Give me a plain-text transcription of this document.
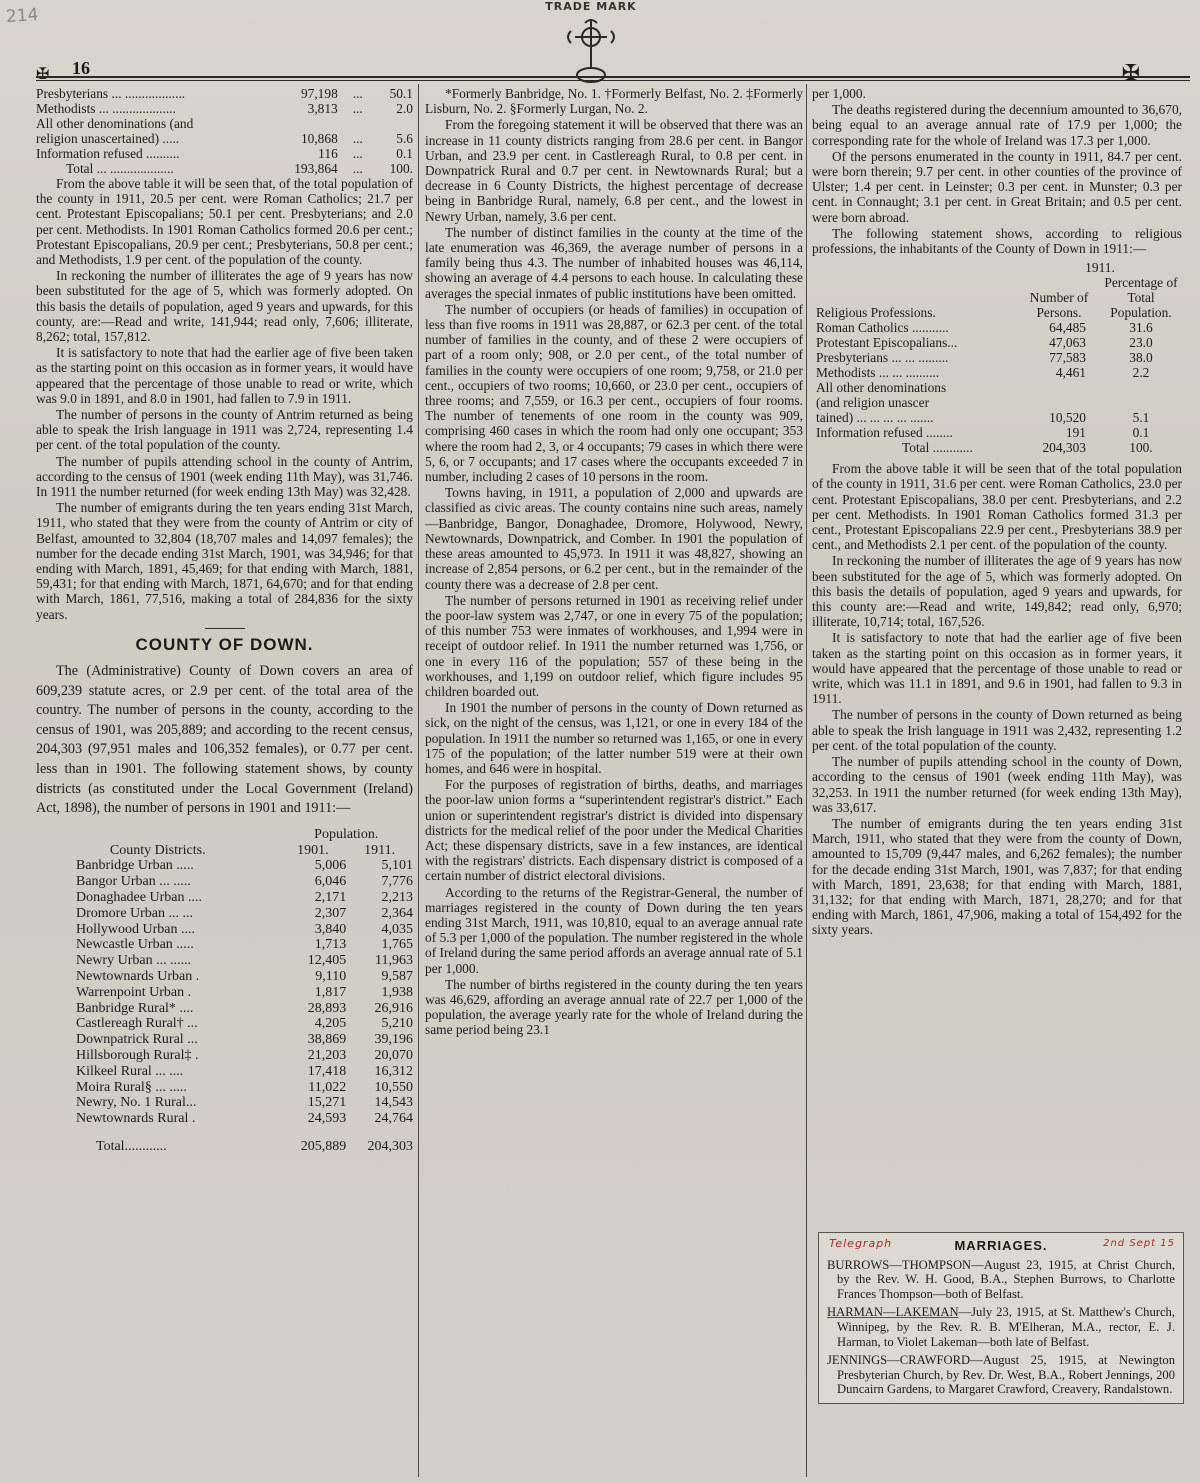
214
16
TRADE MARK
✠	✠
Presbyterians ... ..................	97,198	...	50.1
Methodists ... ...................	3,813	...	2.0
All other denominations (and			
religion unascertained) .....	10,868	...	5.6
Information refused ..........	116	...	0.1
Total ... ...................	193,864	...	100.

From the above table it will be seen that, of the total population of the county in 1911, 20.5 per cent. were Roman Catholics; 21.7 per cent. Protestant Episcopalians; 50.1 per cent. Presbyterians; and 2.0 per cent. Methodists. In 1901 Roman Catholics formed 20.6 per cent.; Protestant Episcopalians, 20.9 per cent.; Presbyterians, 50.8 per cent.; and Methodists, 1.9 per cent. of the population of the county.

In reckoning the number of illiterates the age of 9 years has now been substituted for the age of 5, which was formerly adopted. On this basis the details of population, aged 9 years and upwards, for this county, are:—Read and write, 141,944; read only, 7,606; illiterate, 8,262; total, 157,812.

It is satisfactory to note that had the earlier age of five been taken as the starting point on this occasion as in former years, it would have appeared that the percentage of those unable to read or write, which was 9.0 in 1891, and 8.0 in 1901, had fallen to 7.9 in 1911.

The number of persons in the county of Antrim returned as being able to speak the Irish language in 1911 was 2,724, representing 1.4 per cent. of the total population of the county.

The number of pupils attending school in the county of Antrim, according to the census of 1901 (week ending 11th May), was 31,746. In 1911 the number returned (for week ending 13th May) was 32,428.

The number of emigrants during the ten years ending 31st March, 1911, who stated that they were from the county of Antrim or city of Belfast, amounted to 32,804 (18,707 males and 14,097 females); the number for the decade ending 31st March, 1901, was 34,946; for that ending with March, 1891, 45,469; for that ending with March, 1881, 59,431; for that ending with March, 1871, 64,670; and for that ending with March, 1861, 77,516, making a total of 284,836 for the sixty years.

COUNTY OF DOWN.

The (Administrative) County of Down covers an area of 609,239 statute acres, or 2.9 per cent. of the total area of the country. The number of persons in the county, according to the census of 1901, was 205,889; and according to the recent census, 204,303 (97,951 males and 106,352 females), or 0.77 per cent. less than in 1901. The following statement shows, by county districts (as constituted under the Local Government (Ireland) Act, 1898), the number of persons in 1901 and 1911:—

	Population.	
County Districts.	1901.	1911.
Banbridge Urban .....	5,006	5,101
Bangor Urban ... .....	6,046	7,776
Donaghadee Urban ....	2,171	2,213
Dromore Urban ... ...	2,307	2,364
Hollywood Urban ....	3,840	4,035
Newcastle Urban .....	1,713	1,765
Newry Urban ... ......	12,405	11,963
Newtownards Urban .	9,110	9,587
Warrenpoint Urban .	1,817	1,938
Banbridge Rural* ....	28,893	26,916
Castlereagh Rural† ...	4,205	5,210
Downpatrick Rural ...	38,869	39,196
Hillsborough Rural‡ .	21,203	20,070
Kilkeel Rural ... ....	17,418	16,312
Moira Rural§ ... .....	11,022	10,550
Newry, No. 1 Rural...	15,271	14,543
Newtownards Rural .	24,593	24,764
Total............	205,889	204,303

*Formerly Banbridge, No. 1. †Formerly Belfast, No. 2. ‡Formerly Lisburn, No. 2. §Formerly Lurgan, No. 2.

From the foregoing statement it will be observed that there was an increase in 11 county districts ranging from 28.6 per cent. in Bangor Urban, and 23.9 per cent. in Castlereagh Rural, to 0.8 per cent. in Downpatrick Rural and 0.7 per cent. in Newtownards Rural; but a decrease in 6 County Districts, the highest percentage of decrease being in Banbridge Rural, namely, 6.8 per cent., and the lowest in Newry Urban, namely, 3.6 per cent.

The number of distinct families in the county at the time of the late enumeration was 46,369, the average number of persons in a family being thus 4.3. The number of inhabited houses was 46,114, showing an average of 4.4 persons to each house. In calculating these averages the special inmates of public institutions have been omitted.

The number of occupiers (or heads of families) in occupation of less than five rooms in 1911 was 28,887, or 62.3 per cent. of the total number of families in the county, and of these 2 were occupiers of part of a room only; 908, or 2.0 per cent., of the total number of families in the county were occupiers of one room; 9,758, or 21.0 per cent., occupiers of two rooms; 10,660, or 23.0 per cent., occupiers of three rooms; and 7,559, or 16.3 per cent., occupiers of four rooms. The number of tenements of one room in the county was 909, comprising 460 cases in which the room had only one occupant; 353 where the room had 2, 3, or 4 occupants; 79 cases in which there were 5, 6, or 7 occupants; and 17 cases where the occupants exceeded 7 in number, including 2 cases of 10 persons in the room.

Towns having, in 1911, a population of 2,000 and upwards are classified as civic areas. The county contains nine such areas, namely—Banbridge, Bangor, Donaghadee, Dromore, Holywood, Newry, Newtownards, Downpatrick, and Comber. In 1901 the population of these areas amounted to 45,973. In 1911 it was 48,827, showing an increase of 2,854 persons, or 6.2 per cent., but in the remainder of the county there was a decrease of 2.8 per cent.

The number of persons returned in 1901 as receiving relief under the poor-law system was 2,747, or one in every 75 of the population; of this number 753 were inmates of workhouses, and 1,994 were in receipt of outdoor relief. In 1911 the number returned was 1,756, or one in every 116 of the population; 557 of these being in the workhouses, and 1,199 on outdoor relief, which figure includes 95 children boarded out.

In 1901 the number of persons in the county of Down returned as sick, on the night of the census, was 1,121, or one in every 184 of the population. In 1911 the number so returned was 1,165, or one in every 175 of the population; of the latter number 519 were at their own homes, and 646 were in hospital.

For the purposes of registration of births, deaths, and marriages the poor-law union forms a “superintendent registrar's district.” Each union or superintendent registrar's district is divided into dispensary districts for the medical relief of the poor under the Medical Charities Act; these dispensary districts, save in a few instances, are identical with the registrars' districts. Each dispensary district is composed of a certain number of district electoral divisions.

According to the returns of the Registrar-General, the number of marriages registered in the county of Down during the ten years ending 31st March, 1911, was 10,810, equal to an average annual rate of 5.3 per 1,000 of the population. The number registered in the whole of Ireland during the same period affords an average annual rate of 5.1 per 1,000.

The number of births registered in the county during the ten years was 46,629, affording an average annual rate of 22.7 per 1,000 of the population, the average yearly rate for the whole of Ireland during the same period being 23.1

per 1,000.

The deaths registered during the decennium amounted to 36,670, being equal to an average annual rate of 17.9 per 1,000; the corresponding rate for the whole of Ireland was 17.3 per 1,000.

Of the persons enumerated in the county in 1911, 84.7 per cent. were born therein; 9.7 per cent. in other counties of the province of Ulster; 1.4 per cent. in Leinster; 0.3 per cent. in Munster; 0.3 per cent. in Connaught; 3.1 per cent. in Great Britain; and 0.5 per cent. were born abroad.

The following statement shows, according to religious professions, the inhabitants of the County of Down in 1911:—

	1911.	
Religious Professions.	Number of Persons.	Percentage of Total Population.
Roman Catholics ...........	64,485	31.6
Protestant Episcopalians...	47,063	23.0
Presbyterians ... ... .........	77,583	38.0
Methodists ... ... ..........	4,461	2.2
All other denominations		
(and religion unascer		
tained) ... ... ... ... .......	10,520	5.1
Information refused ........	191	0.1
Total ............	204,303	100.

From the above table it will be seen that of the total population of the county in 1911, 31.6 per cent. were Roman Catholics, 23.0 per cent. Protestant Episcopalians, 38.0 per cent. Presbyterians, and 2.2 per cent. Methodists. In 1901 Roman Catholics formed 31.3 per cent., Protestant Episcopalians 22.9 per cent., Presbyterians 38.9 per cent., and Methodists 2.1 per cent. of the population of the county.

In reckoning the number of illiterates the age of 9 years has now been substituted for the age of 5, which was formerly adopted. On this basis the details of population, aged 9 years and upwards, for this county are:—Read and write, 149,842; read only, 6,970; illiterate, 10,714; total, 167,526.

It is satisfactory to note that had the earlier age of five been taken as the starting point on this occasion as in former years, it would have appeared that the percentage of those unable to read or write, which was 11.1 in 1891, and 9.6 in 1901, had fallen to 9.3 in 1911.

The number of persons in the county of Down returned as being able to speak the Irish language in 1911 was 2,432, representing 1.2 per cent. of the total population of the county.

The number of pupils attending school in the county of Down, according to the census of 1901 (week ending 11th May), was 32,253. In 1911 the number returned (for week ending 13th May), was 33,617.

The number of emigrants during the ten years ending 31st March, 1911, who stated that they were from the county of Down, amounted to 15,709 (9,447 males, and 6,262 females); the number for the decade ending 31st March, 1901, was 7,837; for that ending with March, 1891, 23,638; for that ending with March, 1881, 31,132; for that ending with March, 1871, 28,270; and for that ending with March, 1861, 47,906, making a total of 154,492 for the sixty years.

Telegraph	MARRIAGES.	2nd Sept 15

BURROWS—THOMPSON—August 23, 1915, at Christ Church, by the Rev. W. H. Good, B.A., Stephen Burrows, to Charlotte Frances Thompson—both of Belfast.

HARMAN—LAKEMAN—July 23, 1915, at St. Matthew's Church, Winnipeg, by the Rev. R. B. M'Elheran, M.A., rector, E. J. Harman, to Violet Lakeman—both late of Belfast.

JENNINGS—CRAWFORD—August 25, 1915, at Newington Presbyterian Church, by Rev. Dr. West, B.A., Robert Jennings, 200 Duncairn Gardens, to Margaret Crawford, Creavery, Randalstown.
